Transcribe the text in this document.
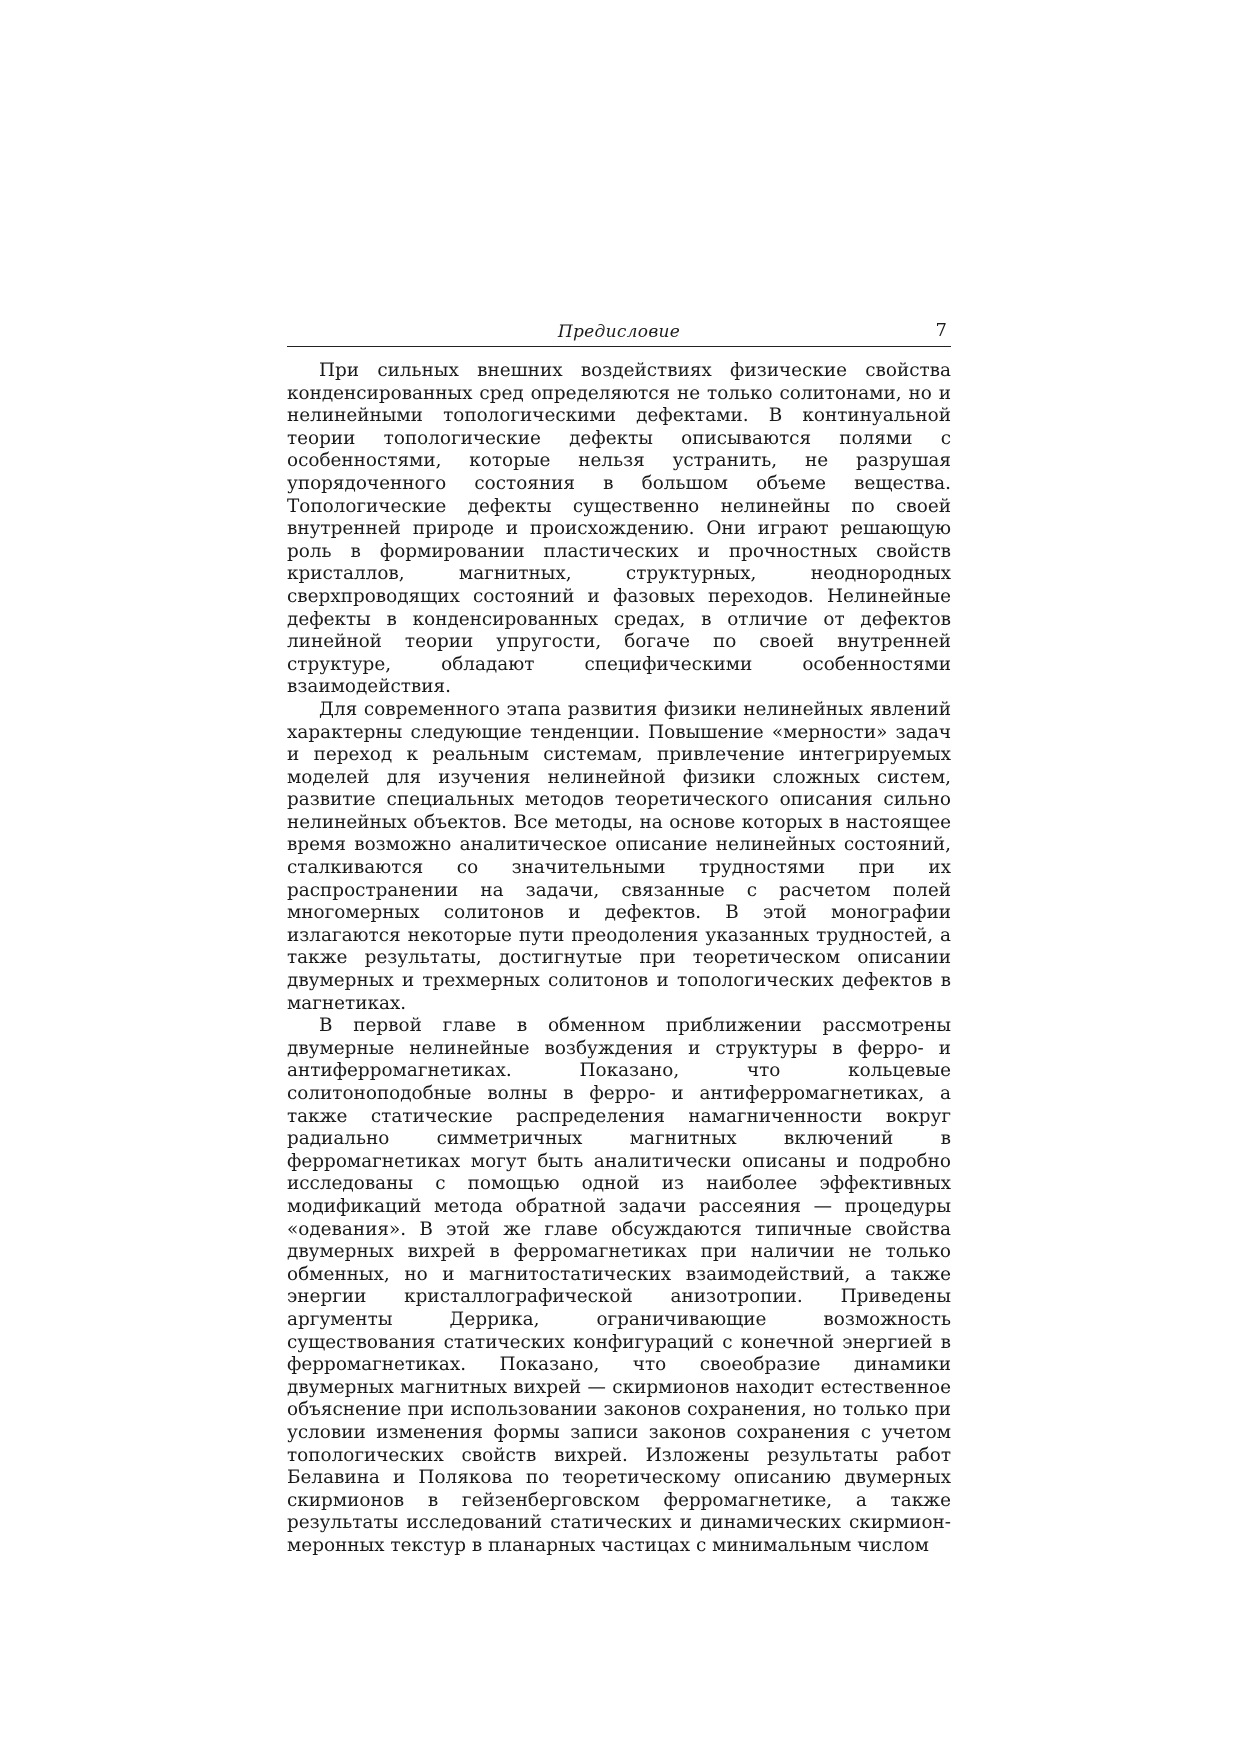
Предисловие	7

При сильных внешних воздействиях физические свойства конденсированных сред определяются не только солитонами, но и нелинейными топологическими дефектами. В континуальной теории топологические дефекты описываются полями с особенностями, которые нельзя устранить, не разрушая упорядоченного состояния в большом объеме вещества. Топологические дефекты существенно нелинейны по своей внутренней природе и происхождению. Они играют решающую роль в формировании пластических и прочностных свойств кристаллов, магнитных, структурных, неоднородных сверхпроводящих состояний и фазовых переходов. Нелинейные дефекты в конденсированных средах, в отличие от дефектов линейной теории упругости, богаче по своей внутренней структуре, обладают специфическими особенностями взаимодействия.

Для современного этапа развития физики нелинейных явлений характерны следующие тенденции. Повышение «мерности» задач и переход к реальным системам, привлечение интегрируемых моделей для изучения нелинейной физики сложных систем, развитие специальных методов теоретического описания сильно нелинейных объектов. Все методы, на основе которых в настоящее время возможно аналитическое описание нелинейных состояний, сталкиваются со значительными трудностями при их распространении на задачи, связанные с расчетом полей многомерных солитонов и дефектов. В этой монографии излагаются некоторые пути преодоления указанных трудностей, а также результаты, достигнутые при теоретическом описании двумерных и трехмерных солитонов и топологических дефектов в магнетиках.

В первой главе в обменном приближении рассмотрены двумерные нелинейные возбуждения и структуры в ферро- и антиферромагнетиках. Показано, что кольцевые солитоноподобные волны в ферро- и антиферромагнетиках, а также статические распределения намагниченности вокруг радиально симметричных магнитных включений в ферромагнетиках могут быть аналитически описаны и подробно исследованы с помощью одной из наиболее эффективных модификаций метода обратной задачи рассеяния — процедуры «одевания». В этой же главе обсуждаются типичные свойства двумерных вихрей в ферромагнетиках при наличии не только обменных, но и магнитостатических взаимодействий, а также энергии кристаллографической анизотропии. Приведены аргументы Деррика, ограничивающие возможность существования статических конфигураций с конечной энергией в ферромагнетиках. Показано, что своеобразие динамики двумерных магнитных вихрей — скирмионов находит естественное объяснение при использовании законов сохранения, но только при условии изменения формы записи законов сохранения с учетом топологических свойств вихрей. Изложены результаты работ Белавина и Полякова по теоретическому описанию двумерных скирмионов в гейзенберговском ферромагнетике, а также результаты исследований статических и динамических скирмион-меронных текстур в планарных частицах с минимальным числом
